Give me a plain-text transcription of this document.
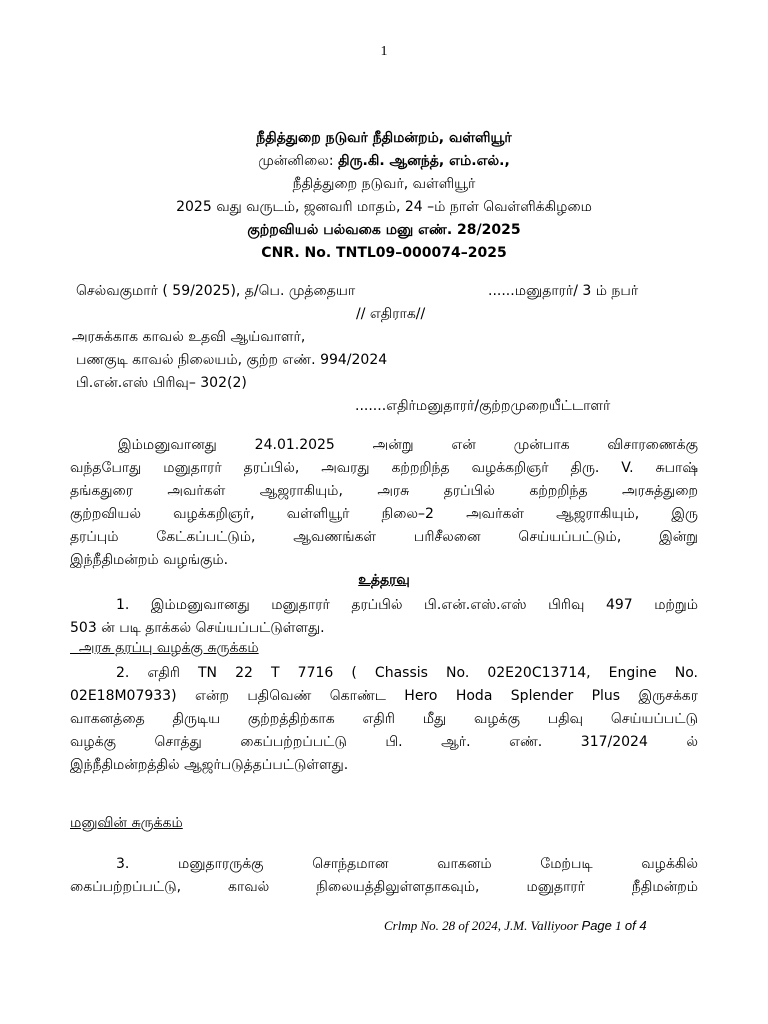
1
நீதித்துறை நடுவர் நீதிமன்றம், வள்ளியூர்
முன்னிலை: திரு.கி. ஆனந்த், எம்.எல்.,
நீதித்துறை நடுவர், வள்ளியூர்
2025 வது வருடம், ஜனவரி மாதம், 24 –ம் நாள் வெள்ளிக்கிழமை
குற்றவியல் பல்வகை மனு எண். 28/2025
CNR. No. TNTL09–000074–2025
செல்வகுமார் ( 59/2025), த/பெ. முத்தையா	......மனுதாரர்/ 3 ம் நபர்
// எதிராக//
அரசுக்காக காவல் உதவி ஆய்வாளர்,
பணகுடி காவல் நிலையம், குற்ற எண். 994/2024
பி.என்.எஸ் பிரிவு– 302(2)
.......எதிர்மனுதாரர்/குற்றமுறையீட்டாளர்
இம்மனுவானது 24.01.2025 அன்று என் முன்பாக விசாரணைக்கு
வந்தபோது மனுதாரர் தரப்பில், அவரது கற்றறிந்த வழக்கறிஞர் திரு. V. சுபாஷ்
தங்கதுரை அவர்கள் ஆஜராகியும், அரசு தரப்பில் கற்றறிந்த அரசுத்துறை
குற்றவியல் வழக்கறிஞர், வள்ளியூர் நிலை–2 அவர்கள் ஆஜராகியும், இரு
தரப்பும் கேட்கப்பட்டும், ஆவணங்கள் பரிசீலனை செய்யப்பட்டும், இன்று
இந்நீதிமன்றம் வழங்கும்.
உத்தரவு
1. இம்மனுவானது மனுதாரர் தரப்பில் பி.என்.எஸ்.எஸ் பிரிவு 497 மற்றும்
503 ன் படி தாக்கல் செய்யப்பட்டுள்ளது.
அரசு தரப்பு வழக்கு சுருக்கம்
2. எதிரி TN 22 T 7716 ( Chassis No. 02E20C13714, Engine No.
02E18M07933) என்ற பதிவெண் கொண்ட Hero Hoda Splender Plus இருசக்கர
வாகனத்தை திருடிய குற்றத்திற்காக எதிரி மீது வழக்கு பதிவு செய்யப்பட்டு
வழக்கு சொத்து கைப்பற்றப்பட்டு பி. ஆர். எண். 317/2024 ல்
இந்நீதிமன்றத்தில் ஆஜர்படுத்தப்பட்டுள்ளது.
மனுவின் சுருக்கம்
3. மனுதாரருக்கு சொந்தமான வாகனம் மேற்படி வழக்கில்
கைப்பற்றப்பட்டு, காவல் நிலையத்திலுள்ளதாகவும், மனுதாரர் நீதிமன்றம்
Crlmp No. 28 of 2024, J.M. Valliyoor Page 1 of 4
